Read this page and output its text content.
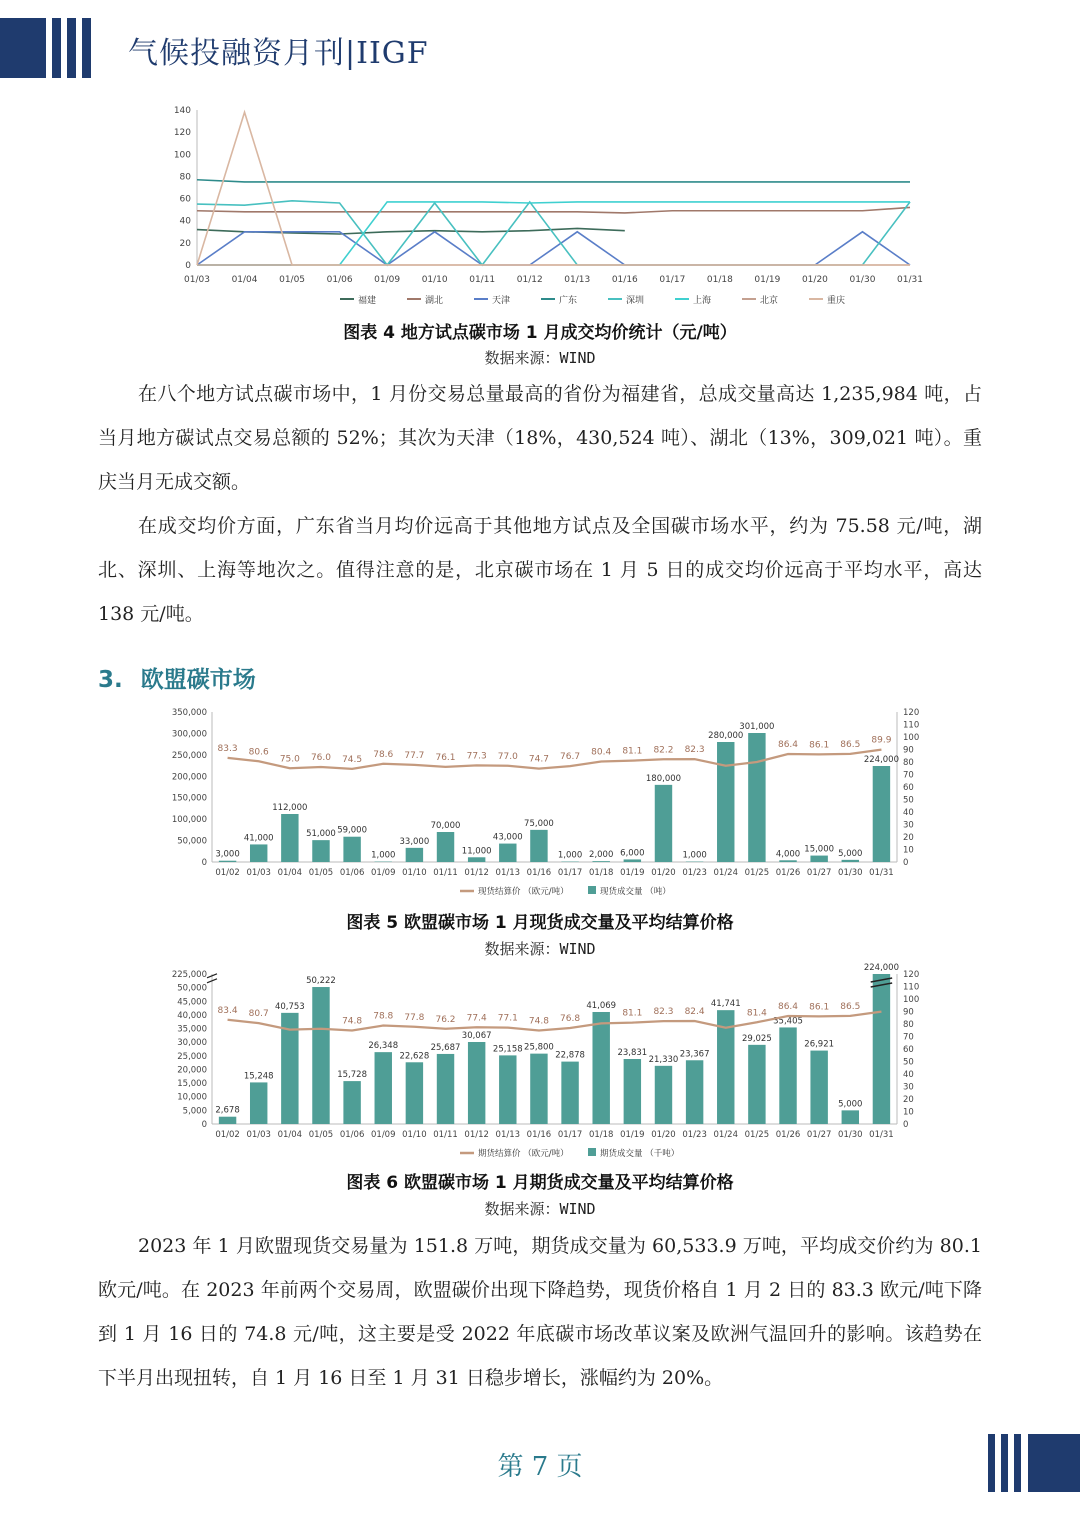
气候投融资月刊|IIGF
0
20
40
60
80
100
120
140
01/03 01/04 01/05 01/06 01/09 01/10 01/11 01/12 01/13 01/16 01/17 01/18 01/19 01/20 01/30 01/31
福建	湖北	天津	广东	深圳	上海	北京	重庆
图表 4 地方试点碳市场 1 月成交均价统计（元/吨）
数据来源：WIND

在八个地方试点碳市场中，1 月份交易总量最高的省份为福建省，总成交量高达 1,235,984 吨，占当月地方碳试点交易总额的 52%；其次为天津（18%，430,524 吨）、湖北（13%，309,021 吨）。重庆当月无成交额。

在成交均价方面，广东省当月均价远高于其他地方试点及全国碳市场水平，约为 75.58 元/吨，湖北、深圳、上海等地次之。值得注意的是，北京碳市场在 1 月 5 日的成交均价远高于平均水平，高达 138 元/吨。

3. 欧盟碳市场
0
50,000
100,000
150,000
200,000
250,000
300,000
350,000
0
10
20
30
40
50
60
70
80
90
100
110
120
3,000
41,000
112,000
51,000 59,000
1,000
33,000
70,000
11,000
43,000
75,000
1,000 2,000 6,000
180,000
1,000
280,000
301,000
4,000 15,000 5,000
224,000
83.3 80.6
75.0 76.0 74.5
78.6 77.7 76.1 77.3 77.0 74.7 76.7 80.4 81.1 82.2 82.3
86.4 86.1 86.5 89.9
01/02 01/03 01/04 01/05 01/06 01/09 01/10 01/11 01/12 01/13 01/16 01/17 01/18 01/19 01/20 01/23 01/24 01/25 01/26 01/27 01/30 01/31
现货结算价 （欧元/吨）	现货成交量 （吨）
图表 5 欧盟碳市场 1 月现货成交量及平均结算价格
数据来源：WIND
0
5,000
10,000
15,000
20,000
25,000
30,000
35,000
40,000
45,000
50,000
225,000
0
10
20
30
40
50
60
70
80
90
100
110
120
2,678
15,248
40,753
50,222
15,728
26,348
22,628
25,687
30,067
25,158 25,800
22,878
41,069
23,831
21,330
23,367
41,741
29,025
35,405
26,921
5,000
224,000
83.4 80.7
74.8 78.8 77.8 76.2 77.4 77.1 74.8 76.8
81.1 82.3 82.4	81.4
86.4 86.1 86.5
01/02 01/03 01/04 01/05 01/06 01/09 01/10 01/11 01/12 01/13 01/16 01/17 01/18 01/19 01/20 01/23 01/24 01/25 01/26 01/27 01/30 01/31
期货结算价 （欧元/吨）	期货成交量 （千吨）
图表 6 欧盟碳市场 1 月期货成交量及平均结算价格
数据来源：WIND

2023 年 1 月欧盟现货交易量为 151.8 万吨，期货成交量为 60,533.9 万吨，平均成交价约为 80.1 欧元/吨。在 2023 年前两个交易周，欧盟碳价出现下降趋势，现货价格自 1 月 2 日的 83.3 欧元/吨下降到 1 月 16 日的 74.8 元/吨，这主要是受 2022 年底碳市场改革议案及欧洲气温回升的影响。该趋势在下半月出现扭转，自 1 月 16 日至 1 月 31 日稳步增长，涨幅约为 20%。

第 7 页
